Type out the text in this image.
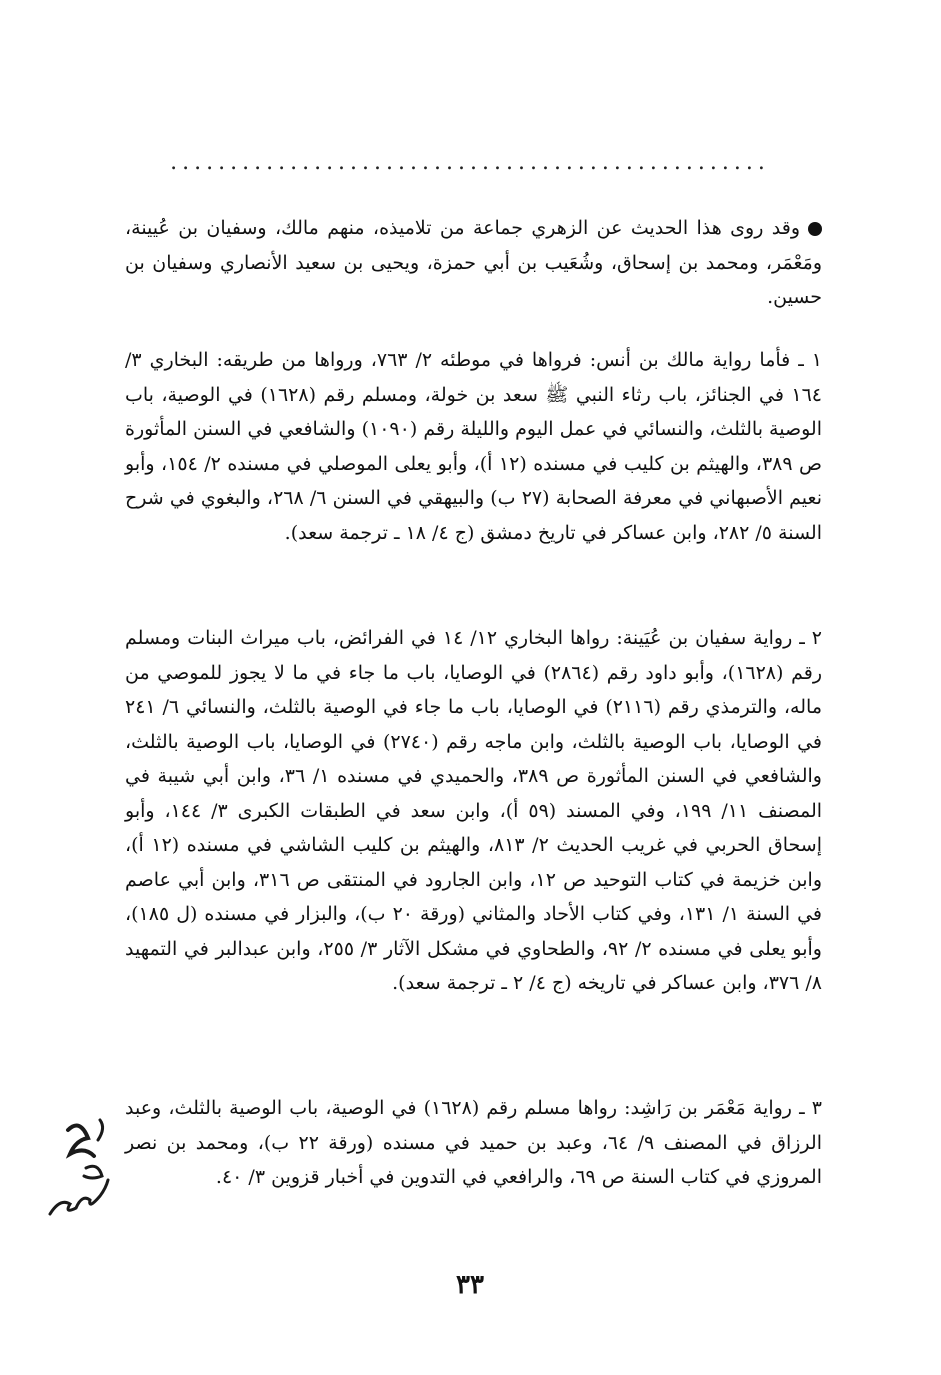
..................................................
وقد روى هذا الحديث عن الزهري جماعة من تلاميذه، منهم مالك، وسفيان بن عُيينة، ومَعْمَر، ومحمد بن إسحاق، وشُعَيب بن أبي حمزة، ويحيى بن سعيد الأنصاري وسفيان بن حسين.
١ ـ فأما رواية مالك بن أنس: فرواها في موطئه ٢/ ٧٦٣، ورواها من طريقه: البخاري ٣/ ١٦٤ في الجنائز، باب رثاء النبي ﷺ سعد بن خولة، ومسلم رقم (١٦٢٨) في الوصية، باب الوصية بالثلث، والنسائي في عمل اليوم والليلة رقم (١٠٩٠) والشافعي في السنن المأثورة ص ٣٨٩، والهيثم بن كليب في مسنده (١٢ أ)، وأبو يعلى الموصلي في مسنده ٢/ ١٥٤، وأبو نعيم الأصبهاني في معرفة الصحابة (٢٧ ب) والبيهقي في السنن ٦/ ٢٦٨، والبغوي في شرح السنة ٥/ ٢٨٢، وابن عساكر في تاريخ دمشق (ج ٤/ ١٨ ـ ترجمة سعد).
٢ ـ رواية سفيان بن عُيَينة: رواها البخاري ١٢/ ١٤ في الفرائض، باب ميراث البنات ومسلم رقم (١٦٢٨)، وأبو داود رقم (٢٨٦٤) في الوصايا، باب ما جاء في ما لا يجوز للموصي من ماله، والترمذي رقم (٢١١٦) في الوصايا، باب ما جاء في الوصية بالثلث، والنسائي ٦/ ٢٤١ في الوصايا، باب الوصية بالثلث، وابن ماجه رقم (٢٧٤٠) في الوصايا، باب الوصية بالثلث، والشافعي في السنن المأثورة ص ٣٨٩، والحميدي في مسنده ١/ ٣٦، وابن أبي شيبة في المصنف ١١/ ١٩٩، وفي المسند (٥٩ أ)، وابن سعد في الطبقات الكبرى ٣/ ١٤٤، وأبو إسحاق الحربي في غريب الحديث ٢/ ٨١٣، والهيثم بن كليب الشاشي في مسنده (١٢ أ)، وابن خزيمة في كتاب التوحيد ص ١٢، وابن الجارود في المنتقى ص ٣١٦، وابن أبي عاصم في السنة ١/ ١٣١، وفي كتاب الأحاد والمثاني (ورقة ٢٠ ب)، والبزار في مسنده (ل ١٨٥)، وأبو يعلى في مسنده ٢/ ٩٢، والطحاوي في مشكل الآثار ٣/ ٢٥٥، وابن عبدالبر في التمهيد ٨/ ٣٧٦، وابن عساكر في تاريخه (ج ٤/ ٢ ـ ترجمة سعد).
٣ ـ رواية مَعْمَر بن رَاشِد: رواها مسلم رقم (١٦٢٨) في الوصية، باب الوصية بالثلث، وعبد الرزاق في المصنف ٩/ ٦٤، وعبد بن حميد في مسنده (ورقة ٢٢ ب)، ومحمد بن نصر المروزي في كتاب السنة ص ٦٩، والرافعي في التدوين في أخبار قزوين ٣/ ٤٠.
٣٣
